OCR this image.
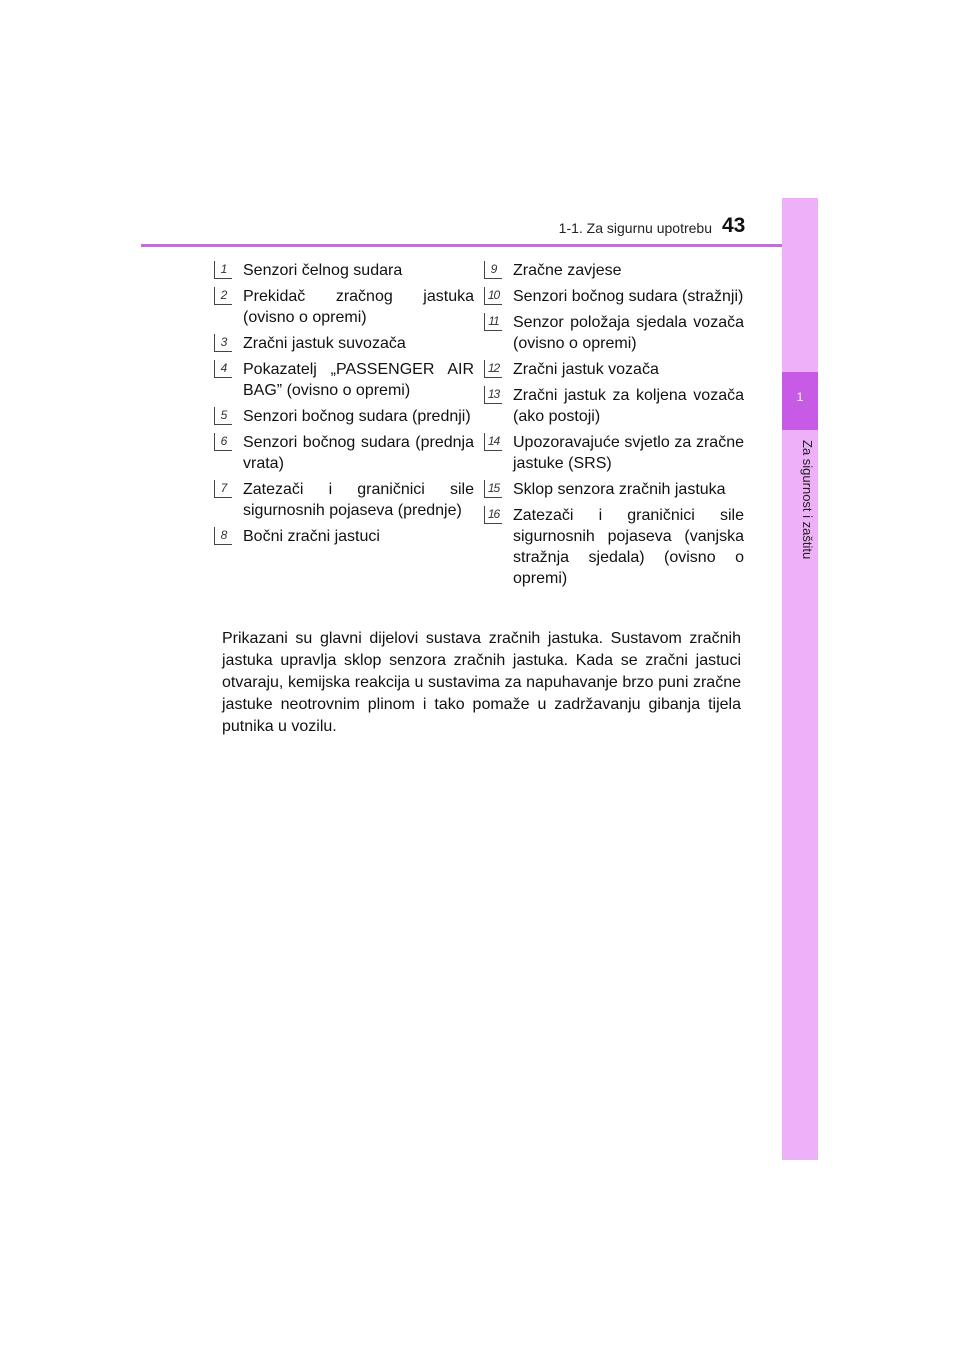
1-1. Za sigurnu upotrebu 43
1
Za sigurnost i zaštitu
1	Senzori čelnog sudara
2	Prekidač zračnog jastuka (ovisno o opremi)
3	Zračni jastuk suvozača
4	Pokazatelj „PASSENGER AIR BAG” (ovisno o opremi)
5	Senzori bočnog sudara (prednji)
6	Senzori bočnog sudara (prednja vrata)
7	Zatezači i graničnici sile sigurnosnih pojaseva (prednje)
8	Bočni zračni jastuci
9	Zračne zavjese
10 Senzori bočnog sudara (stražnji)
11 Senzor položaja sjedala vozača (ovisno o opremi)
12 Zračni jastuk vozača
13 Zračni jastuk za koljena vozača (ako postoji)
14 Upozoravajuće svjetlo za zračne jastuke (SRS)
15 Sklop senzora zračnih jastuka
16 Zatezači i graničnici sile sigurnosnih pojaseva (vanjska stražnja sjedala) (ovisno o opremi)
Prikazani su glavni dijelovi sustava zračnih jastuka. Sustavom zračnih jastuka upravlja sklop senzora zračnih jastuka. Kada se zračni jastuci otvaraju, kemijska reakcija u sustavima za napuhavanje brzo puni zračne jastuke neotrovnim plinom i tako pomaže u zadržavanju gibanja tijela putnika u vozilu.
